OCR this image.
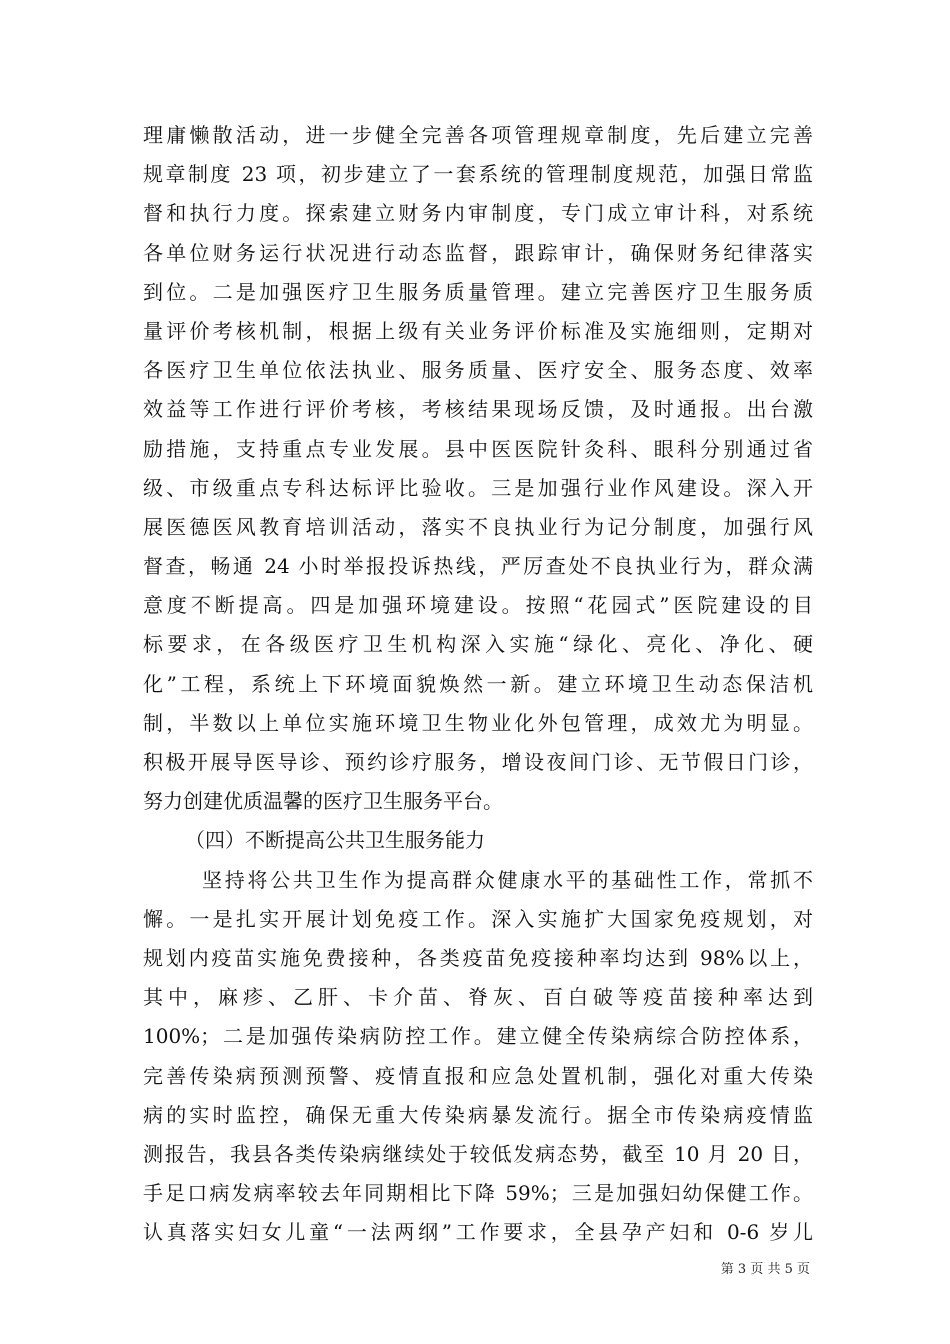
理庸懒散活动，进一步健全完善各项管理规章制度，先后建立完善
规章制度 23 项，初步建立了一套系统的管理制度规范，加强日常监
督和执行力度。探索建立财务内审制度，专门成立审计科，对系统
各单位财务运行状况进行动态监督，跟踪审计，确保财务纪律落实
到位。二是加强医疗卫生服务质量管理。建立完善医疗卫生服务质
量评价考核机制，根据上级有关业务评价标准及实施细则，定期对
各医疗卫生单位依法执业、服务质量、医疗安全、服务态度、效率
效益等工作进行评价考核，考核结果现场反馈，及时通报。出台激
励措施，支持重点专业发展。县中医医院针灸科、眼科分别通过省
级、市级重点专科达标评比验收。三是加强行业作风建设。深入开
展医德医风教育培训活动，落实不良执业行为记分制度，加强行风
督查，畅通 24 小时举报投诉热线，严厉查处不良执业行为，群众满
意度不断提高。四是加强环境建设。按照“花园式”医院建设的目
标要求，在各级医疗卫生机构深入实施“绿化、亮化、净化、硬
化”工程，系统上下环境面貌焕然一新。建立环境卫生动态保洁机
制，半数以上单位实施环境卫生物业化外包管理，成效尤为明显。
积极开展导医导诊、预约诊疗服务，增设夜间门诊、无节假日门诊，
努力创建优质温馨的医疗卫生服务平台。
（四）不断提高公共卫生服务能力
坚持将公共卫生作为提高群众健康水平的基础性工作，常抓不
懈。一是扎实开展计划免疫工作。深入实施扩大国家免疫规划，对
规划内疫苗实施免费接种，各类疫苗免疫接种率均达到 98%以上，
其中，麻疹、乙肝、卡介苗、脊灰、百白破等疫苗接种率达到
100%；二是加强传染病防控工作。建立健全传染病综合防控体系，
完善传染病预测预警、疫情直报和应急处置机制，强化对重大传染
病的实时监控，确保无重大传染病暴发流行。据全市传染病疫情监
测报告，我县各类传染病继续处于较低发病态势，截至 10 月 20 日，
手足口病发病率较去年同期相比下降 59%；三是加强妇幼保健工作。
认真落实妇女儿童“一法两纲”工作要求，全县孕产妇和 0-6 岁儿
第 3 页 共 5 页
